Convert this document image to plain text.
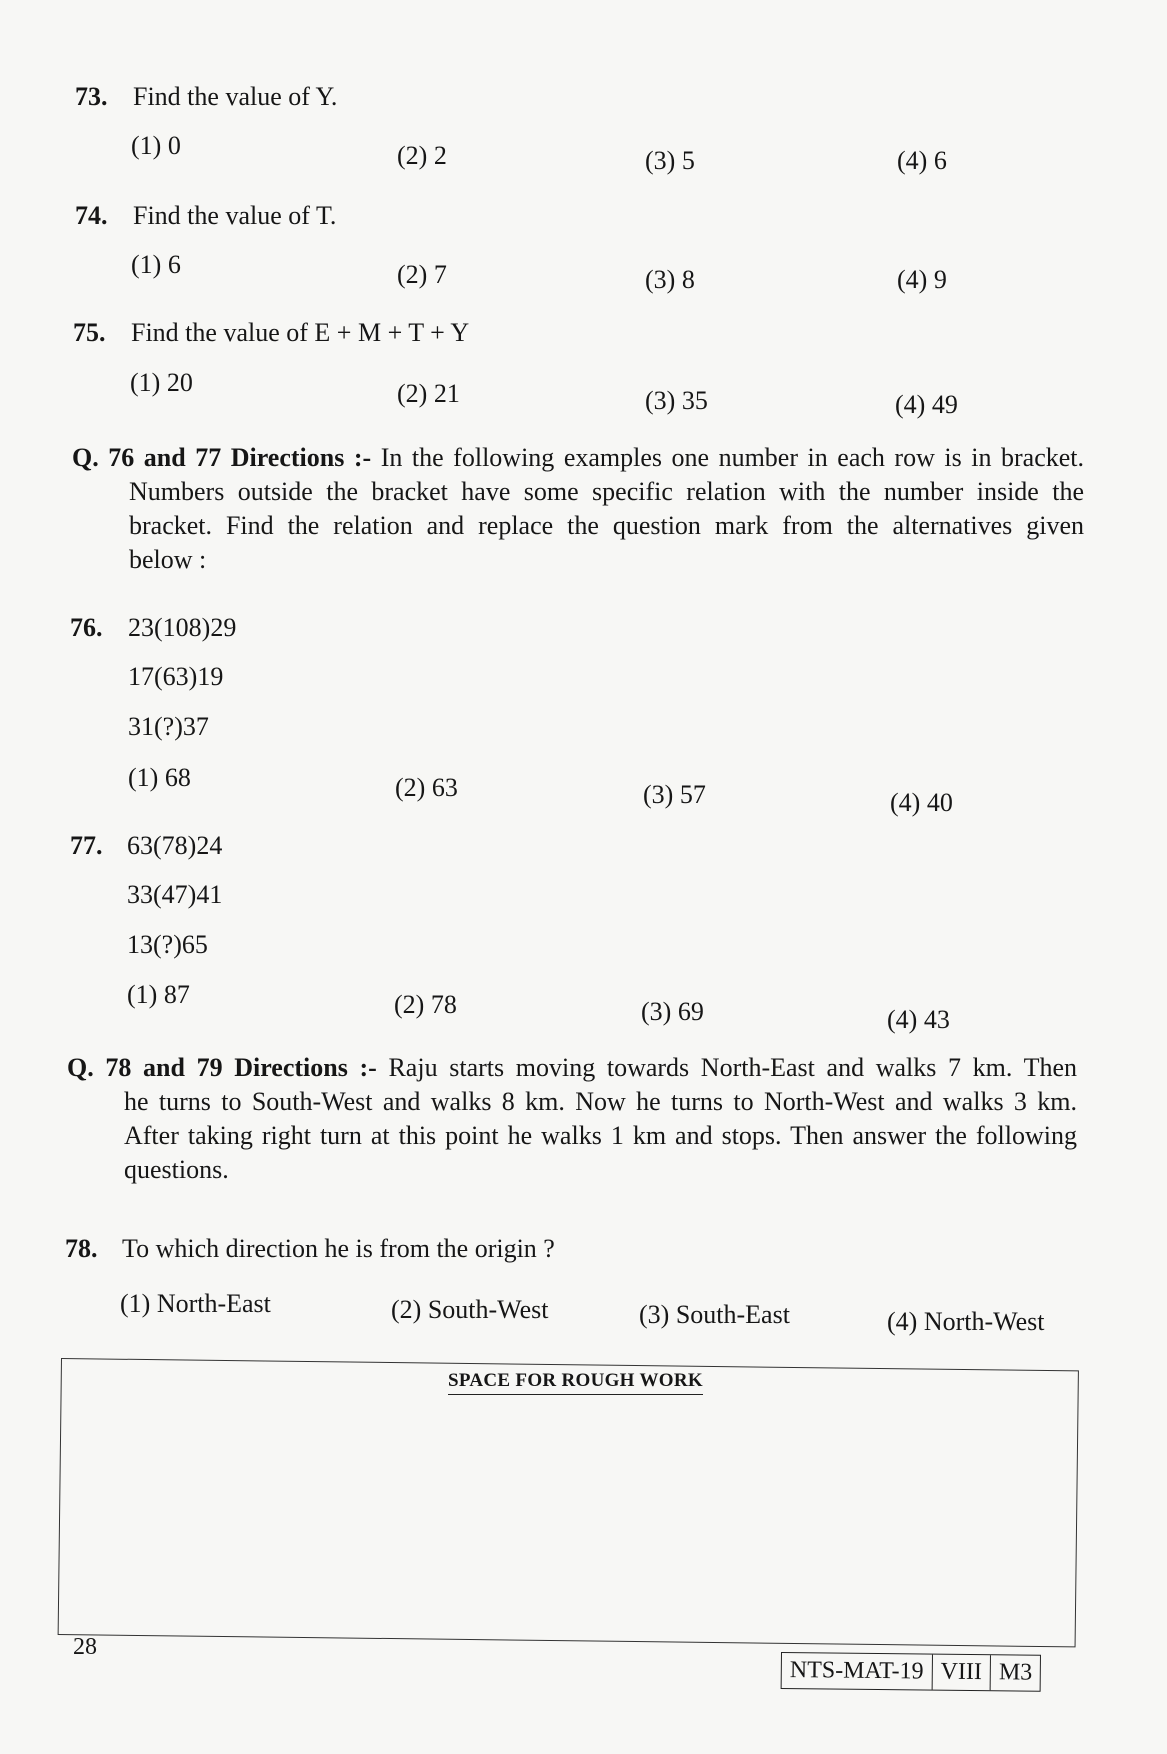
73. Find the value of Y.
(1) 0	(2) 2	(3) 5	(4) 6
74. Find the value of T.
(1) 6	(2) 7	(3) 8	(4) 9
75. Find the value of E + M + T + Y
(1) 20	(2) 21	(3) 35	(4) 49
Q. 76 and 77 Directions :- In the following examples one number in each row is in bracket.
Numbers outside the bracket have some specific relation with the number inside the
bracket. Find the relation and replace the question mark from the alternatives given
below :
76. 23(108)29
17(63)19
31(?)37
(1) 68	(2) 63	(3) 57	(4) 40
77. 63(78)24
33(47)41
13(?)65
(1) 87	(2) 78	(3) 69	(4) 43
Q. 78 and 79 Directions :- Raju starts moving towards North-East and walks 7 km. Then
he turns to South-West and walks 8 km. Now he turns to North-West and walks 3 km.
After taking right turn at this point he walks 1 km and stops. Then answer the following
questions.
78. To which direction he is from the origin ?
(1) North-East	(2) South-West	(3) South-East	(4) North-West
SPACE FOR ROUGH WORK
28
NTS-MAT-19 VIII M3
